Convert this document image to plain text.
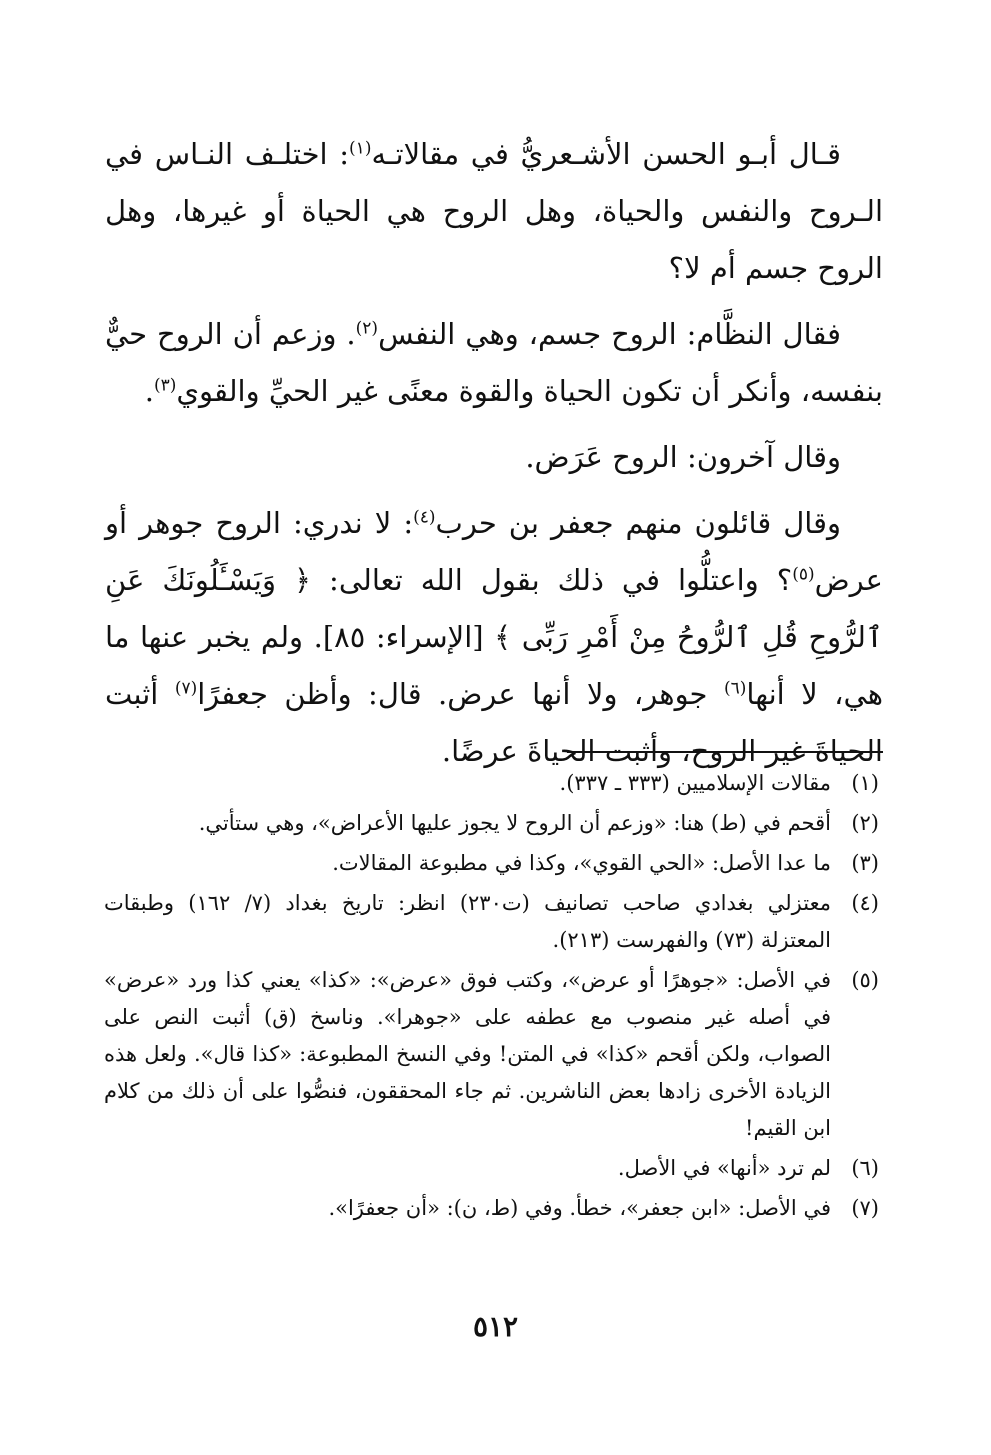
قـال أبـو الحسن الأشـعريُّ في مقالاتـه$^{(١)}$: اختلـف النـاس في الـروح والنفس والحياة، وهل الروح هي الحياة أو غيرها، وهل الروح جسم أم لا؟

فقال النظَّام: الروح جسم، وهي النفس$^{(٢)}$. وزعم أن الروح حيٌّ بنفسه، وأنكر أن تكون الحياة والقوة معنًى غير الحيِّ والقوي$^{(٣)}$.

وقال آخرون: الروح عَرَض.

وقال قائلون منهم جعفر بن حرب$^{(٤)}$: لا ندري: الروح جوهر أو عرض$^{(٥)}$؟ واعتلُّوا في ذلك بقول الله تعالى: ﴿ وَيَسْـَٔلُونَكَ عَنِ ٱلرُّوحِ قُلِ ٱلرُّوحُ مِنْ أَمْرِ رَبِّى ﴾ [الإسراء: ٨٥]. ولم يخبر عنها ما هي، لا أنها$^{(٦)}$ جوهر، ولا أنها عرض. قال: وأظن جعفرًا$^{(٧)}$ أثبت الحياةَ غير الروح، وأثبت الحياةَ عرضًا.

(١)
مقالات الإسلاميين (٣٣٣ ـ ٣٣٧).
(٢)
أقحم في (ط) هنا: «وزعم أن الروح لا يجوز عليها الأعراض»، وهي ستأتي.
(٣)
ما عدا الأصل: «الحي القوي»، وكذا في مطبوعة المقالات.
(٤)
معتزلي بغدادي صاحب تصانيف (ت٢٣٠) انظر: تاريخ بغداد (٧/ ١٦٢) وطبقات المعتزلة (٧٣) والفهرست (٢١٣).
(٥)
في الأصل: «جوهرًا أو عرض»، وكتب فوق «عرض»: «كذا» يعني كذا ورد «عرض» في أصله غير منصوب مع عطفه على «جوهرا». وناسخ (ق) أثبت النص على الصواب، ولكن أقحم «كذا» في المتن! وفي النسخ المطبوعة: «كذا قال». ولعل هذه الزيادة الأخرى زادها بعض الناشرين. ثم جاء المحققون، فنصُّوا على أن ذلك من كلام ابن القيم!
(٦)
لم ترد «أنها» في الأصل.
(٧)
في الأصل: «ابن جعفر»، خطأ. وفي (ط، ن): «أن جعفرًا».
٥١٢
